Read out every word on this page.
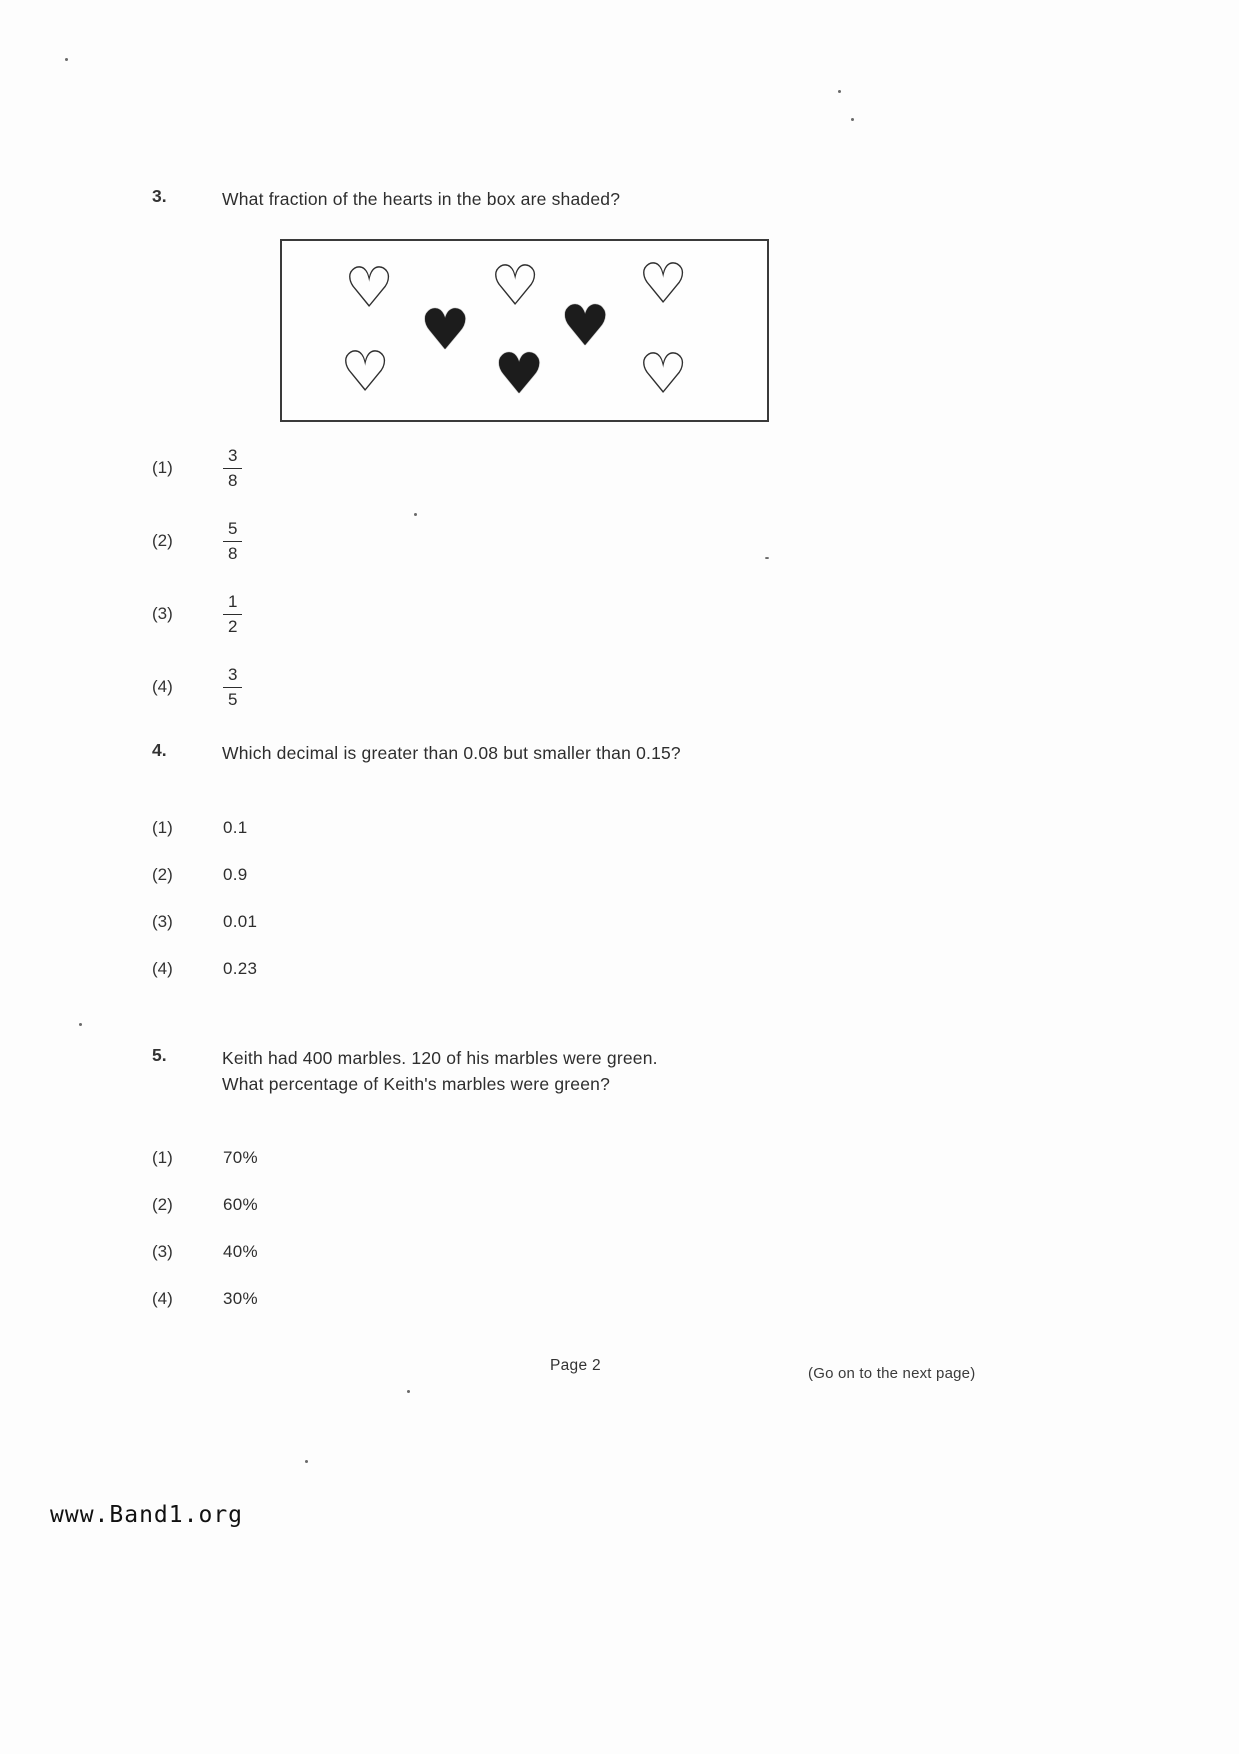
3.	What fraction of the hearts in the box are shaded?
♡
♥
♡
♥
♡
♡ ♥ ♡
(1)	$\frac{3}{8}$
(2)	$\frac{5}{8}$
(3)	$\frac{1}{2}$
(4)	$\frac{3}{5}$
4.	Which decimal is greater than 0.08 but smaller than 0.15?
(1)	0.1
(2)	0.9
(3)	0.01
(4)	0.23
5.	Keith had 400 marbles. 120 of his marbles were green.
What percentage of Keith's marbles were green?
(1)	70%
(2)	60%
(3)	40%
(4)	30%
Page 2	(Go on to the next page)
www.Band1.org
